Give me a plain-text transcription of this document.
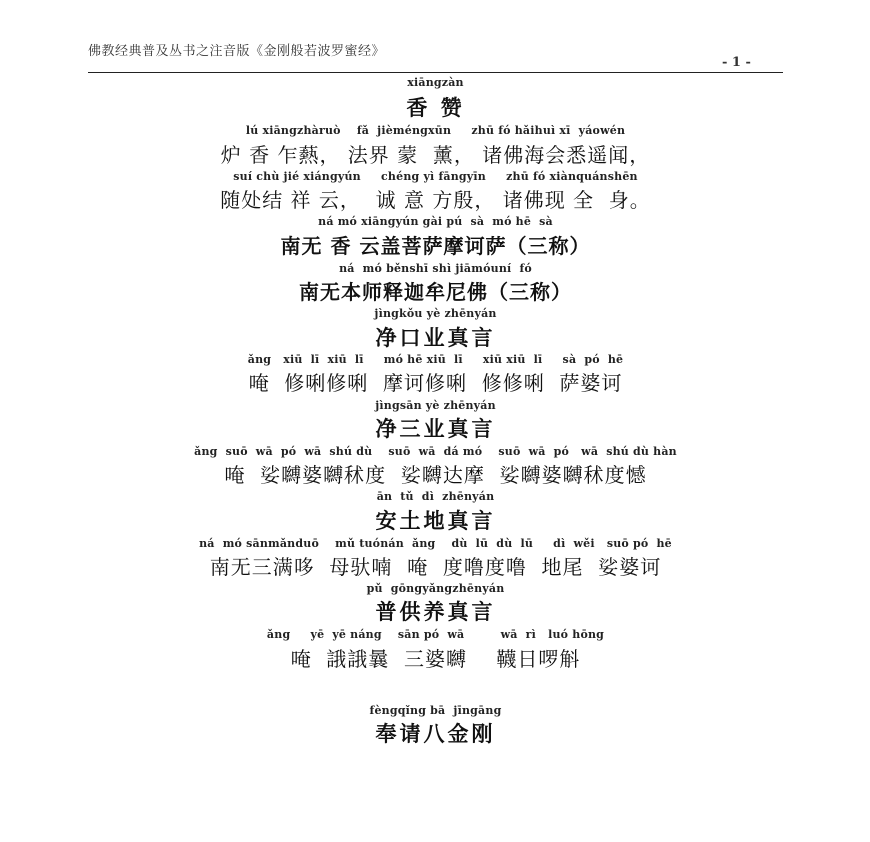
佛教经典普及丛书之注音版《金刚般若波罗蜜经》
- 1 -
xiāngzàn
香 赞
lú xiāngzhàruò    fǎ  jièméngxūn     zhū fó hǎihuì xī  yáowén
炉 香 乍爇， 法界 蒙  薰， 诸佛海会悉遥闻，
suí chù jié xiángyún     chéng yì fāngyīn     zhū fó xiànquánshēn
随处结 祥 云，  诚 意 方殷， 诸佛现 全  身。
ná mó xiāngyún gài pú  sà  mó hē  sà
南无 香 云盖菩萨摩诃萨（三称）
ná  mó běnshī shì jiāmóuní  fó
南无本师释迦牟尼佛（三称）
jìngkǒu yè zhēnyán
净口业真言
ǎng   xiū  lī  xiū  lī     mó hē xiū  lī     xiū xiū  lī     sà  pó  hē
唵  修唎修唎  摩诃修唎  修修唎  萨婆诃
jìngsān yè zhēnyán
净三业真言
ǎng  suō  wā  pó  wā  shú dù    suō  wā  dá mó    suō  wā  pó   wā  shú dù hàn
唵  娑嚩婆嚩秫度  娑嚩达摩  娑嚩婆嚩秫度憾
ān  tǔ  dì  zhēnyán
安土地真言
ná  mó sānmǎnduō    mǔ tuónán  ǎng    dù  lū  dù  lū     dì  wěi   suō pó  hē
南无三满哆  母驮喃  唵  度噜度噜  地尾  娑婆诃
pǔ  gōngyǎngzhēnyán
普供养真言
ǎng     yē  yē náng    sān pó  wā         wā  rì   luó hōng
唵  誐誐曩  三婆嚩    韈日啰斛
fèngqǐng bā  jīngāng
奉请八金刚
